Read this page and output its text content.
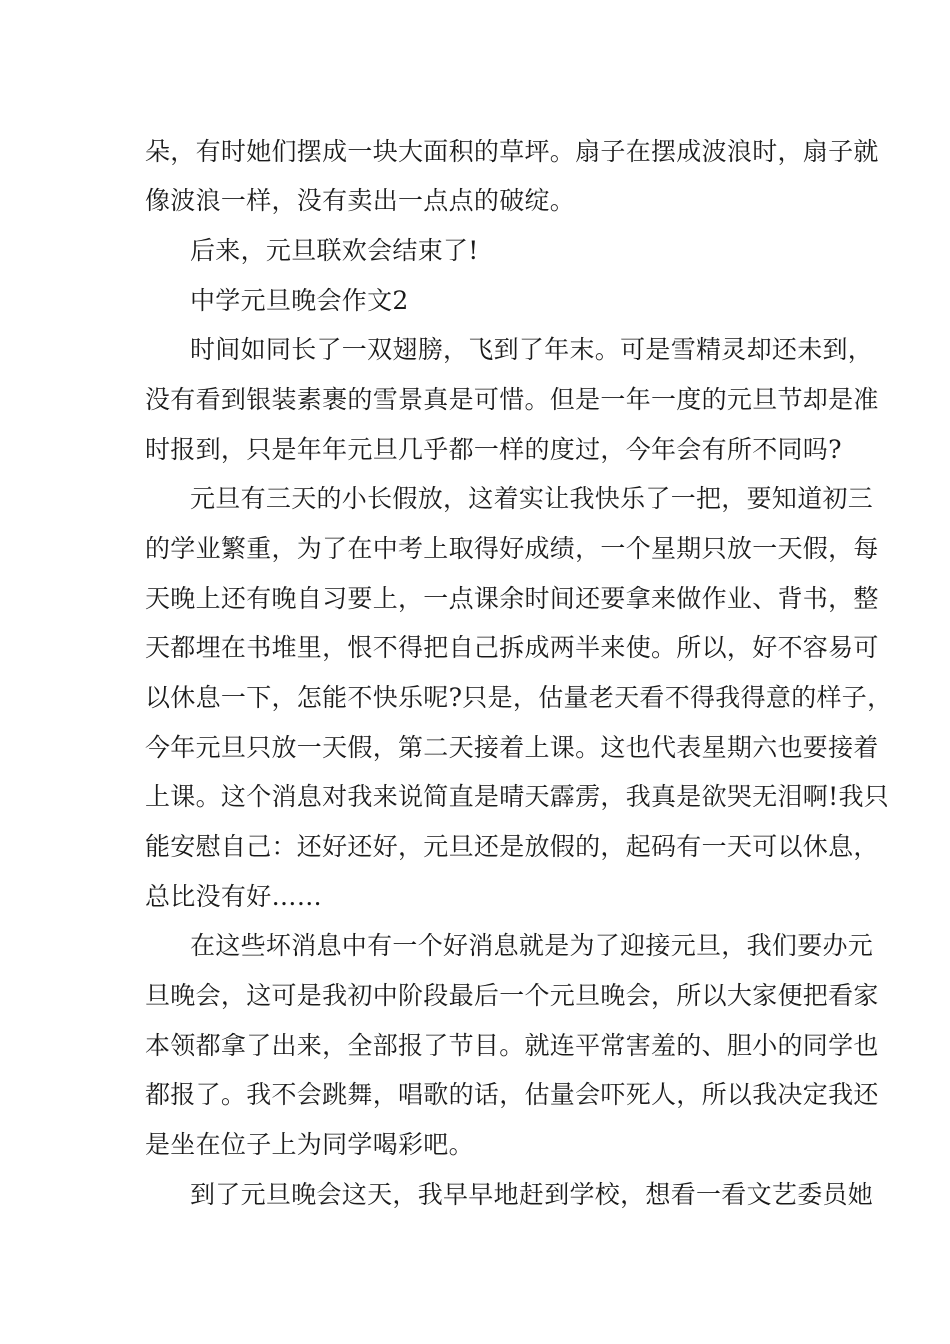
朵，有时她们摆成一块大面积的草坪。扇子在摆成波浪时，扇子就
像波浪一样，没有卖出一点点的破绽。
后来，元旦联欢会结束了!
中学元旦晚会作文2
时间如同长了一双翅膀，飞到了年末。可是雪精灵却还未到，
没有看到银装素裹的雪景真是可惜。但是一年一度的元旦节却是准
时报到，只是年年元旦几乎都一样的度过，今年会有所不同吗?
元旦有三天的小长假放，这着实让我快乐了一把，要知道初三
的学业繁重，为了在中考上取得好成绩，一个星期只放一天假，每
天晚上还有晚自习要上，一点课余时间还要拿来做作业、背书，整
天都埋在书堆里，恨不得把自己拆成两半来使。所以，好不容易可
以休息一下，怎能不快乐呢?只是，估量老天看不得我得意的样子，
今年元旦只放一天假，第二天接着上课。这也代表星期六也要接着
上课。这个消息对我来说简直是晴天霹雳，我真是欲哭无泪啊!我只
能安慰自己：还好还好，元旦还是放假的，起码有一天可以休息，
总比没有好……
在这些坏消息中有一个好消息就是为了迎接元旦，我们要办元
旦晚会，这可是我初中阶段最后一个元旦晚会，所以大家便把看家
本领都拿了出来，全部报了节目。就连平常害羞的、胆小的同学也
都报了。我不会跳舞，唱歌的话，估量会吓死人，所以我决定我还
是坐在位子上为同学喝彩吧。
到了元旦晚会这天，我早早地赶到学校，想看一看文艺委员她
